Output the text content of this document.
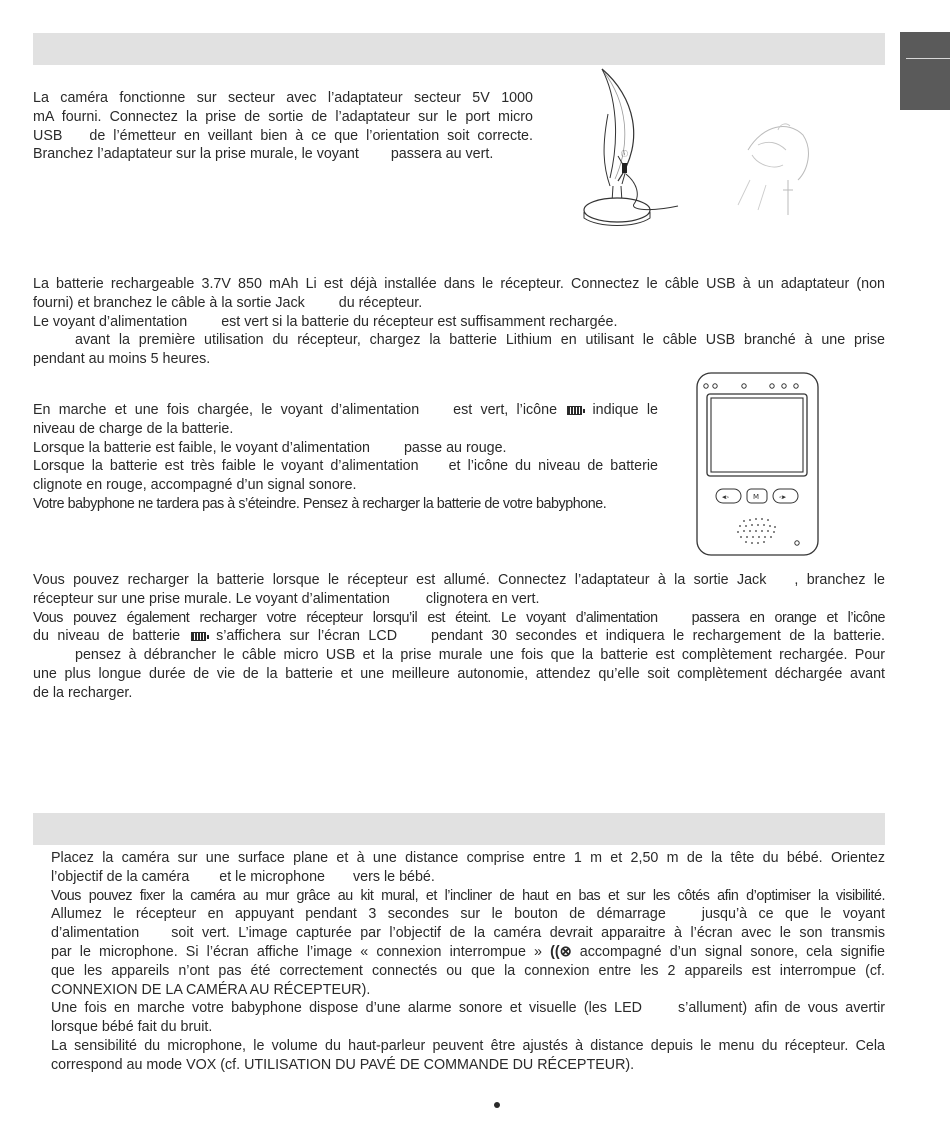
La caméra fonctionne sur secteur avec l’adaptateur secteur 5V 1000

mA fourni. Connectez la prise de sortie de l’adaptateur sur le port micro

USB de l’émetteur en veillant bien à ce que l’orientation soit correcte.

Branchez l’adaptateur sur la prise murale, le voyant passera au vert.	ⓘ

La batterie rechargeable 3.7V 850 mAh Li est déjà installée dans le récepteur. Connectez le câble USB à un adaptateur (non

fourni) et branchez le câble à la sortie Jack du récepteur.

Le voyant d’alimentation est vert si la batterie du récepteur est suffisamment rechargée.

avant la première utilisation du récepteur, chargez la batterie Lithium en utilisant le câble USB branché à une prise

pendant au moins 5 heures.

En marche et une fois chargée, le voyant d’alimentation est vert, l’icône indique le

niveau de charge de la batterie.

Lorsque la batterie est faible, le voyant d’alimentation passe au rouge.

Lorsque la batterie est très faible le voyant d’alimentation et l’icône du niveau de batterie

clignote en rouge, accompagné d’un signal sonore.

Votre babyphone ne tardera pas à s’éteindre. Pensez à recharger la batterie de votre babyphone.	◂▹	M	◃▸

Vous pouvez recharger la batterie lorsque le récepteur est allumé. Connectez l’adaptateur à la sortie Jack , branchez le

récepteur sur une prise murale. Le voyant d’alimentation	clignotera en vert.

Vous pouvez également recharger votre récepteur lorsqu’il est éteint. Le voyant d’alimentation passera en orange et l’icône

du niveau de batterie	s’affichera sur l’écran LCD pendant 30 secondes et indiquera le rechargement de la batterie.

pensez à débrancher le câble micro USB et la prise murale une fois que la batterie est complètement rechargée. Pour

une plus longue durée de vie de la batterie et une meilleure autonomie, attendez qu’elle soit complètement déchargée avant

de la recharger.

Placez la caméra sur une surface plane et à une distance comprise entre 1 m et 2,50 m de la tête du bébé. Orientez

l’objectif de la caméra et le microphone vers le bébé.

Vous pouvez fixer la caméra au mur grâce au kit mural, et l’incliner de haut en bas et sur les côtés afin d’optimiser la visibilité.

Allumez le récepteur en appuyant pendant 3 secondes sur le bouton de démarrage	jusqu’à ce que le voyant

d’alimentation soit vert. L’image capturée par l’objectif de la caméra devrait apparaitre à l’écran avec le son transmis

par le microphone. Si l’écran affiche l’image « connexion interrompue » ((⊗ accompagné d’un signal sonore, cela signifie

que les appareils n’ont pas été correctement connectés ou que la connexion entre les 2 appareils est interrompue (cf.

CONNEXION DE LA CAMÉRA AU RÉCEPTEUR).

Une fois en marche votre babyphone dispose d’une alarme sonore et visuelle (les LED	s’allument) afin de vous avertir

lorsque bébé fait du bruit.

La sensibilité du microphone, le volume du haut-parleur peuvent être ajustés à distance depuis le menu du récepteur. Cela

correspond au mode VOX (cf. UTILISATION DU PAVÉ DE COMMANDE DU RÉCEPTEUR).
